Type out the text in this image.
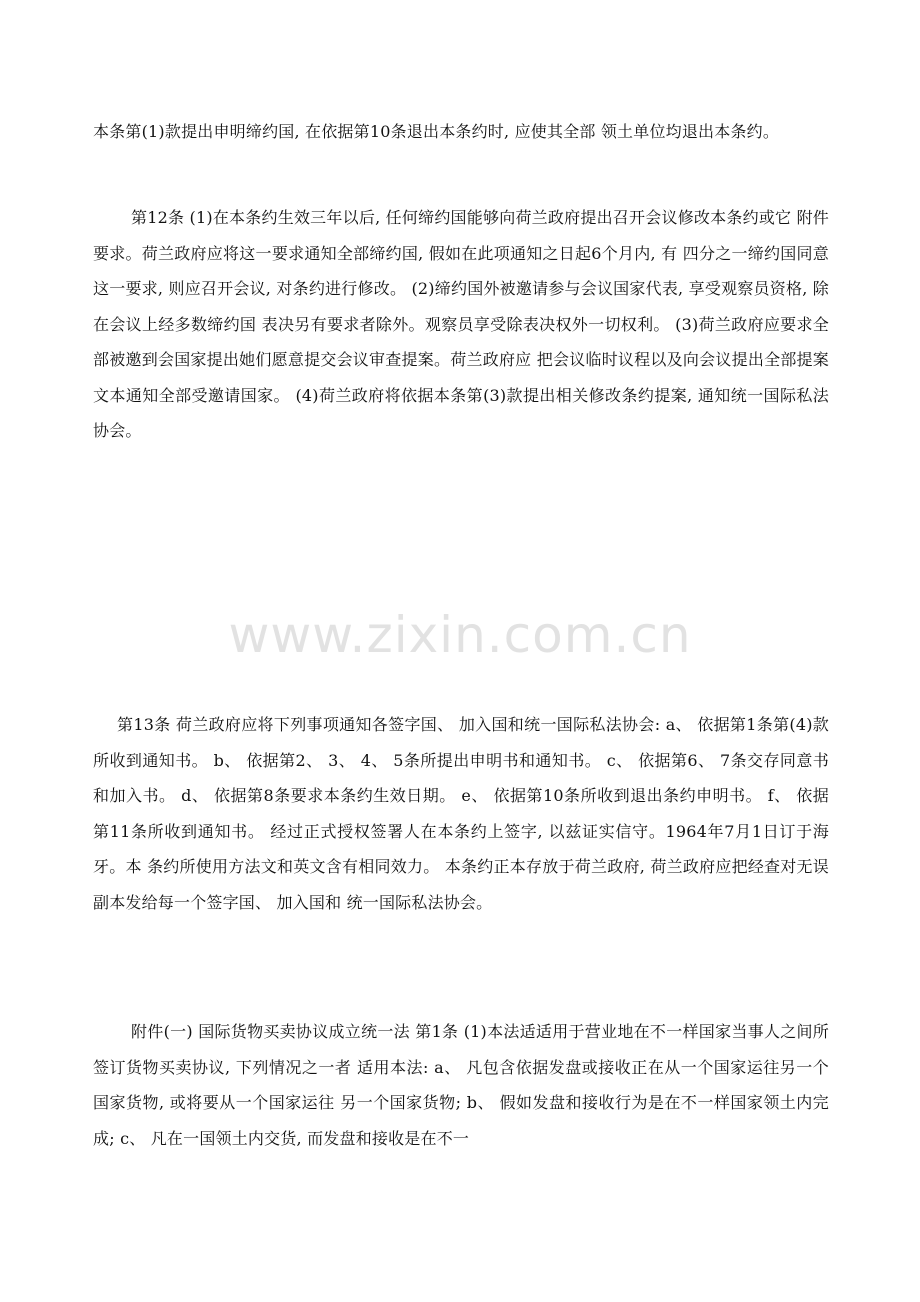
本条第(1)款提出申明缔约国, 在依据第10条退出本条约时, 应使其全部 领土单位均退出本条约。

第12条 (1)在本条约生效三年以后, 任何缔约国能够向荷兰政府提出召开会议修改本条约或它 附件要求。荷兰政府应将这一要求通知全部缔约国, 假如在此项通知之日起6个月内, 有 四分之一缔约国同意这一要求, 则应召开会议, 对条约进行修改。 (2)缔约国外被邀请参与会议国家代表, 享受观察员资格, 除在会议上经多数缔约国 表决另有要求者除外。观察员享受除表决权外一切权利。 (3)荷兰政府应要求全部被邀到会国家提出她们愿意提交会议审查提案。荷兰政府应 把会议临时议程以及向会议提出全部提案文本通知全部受邀请国家。 (4)荷兰政府将依据本条第(3)款提出相关修改条约提案, 通知统一国际私法协会。

www.zixin.com.cn

第13条 荷兰政府应将下列事项通知各签字国、 加入国和统一国际私法协会: a、 依据第1条第(4)款所收到通知书。 b、 依据第2、 3、 4、 5条所提出申明书和通知书。 c、 依据第6、 7条交存同意书和加入书。 d、 依据第8条要求本条约生效日期。 e、 依据第10条所收到退出条约申明书。 f、 依据第11条所收到通知书。 经过正式授权签署人在本条约上签字, 以兹证实信守。1964年7月1日订于海牙。本 条约所使用方法文和英文含有相同效力。 本条约正本存放于荷兰政府, 荷兰政府应把经查对无误副本发给每一个签字国、 加入国和 统一国际私法协会。

附件(一) 国际货物买卖协议成立统一法 第1条 (1)本法适适用于营业地在不一样国家当事人之间所签订货物买卖协议, 下列情况之一者 适用本法: a、 凡包含依据发盘或接收正在从一个国家运往另一个国家货物, 或将要从一个国家运往 另一个国家货物; b、 假如发盘和接收行为是在不一样国家领土内完成; c、 凡在一国领土内交货, 而发盘和接收是在不一
